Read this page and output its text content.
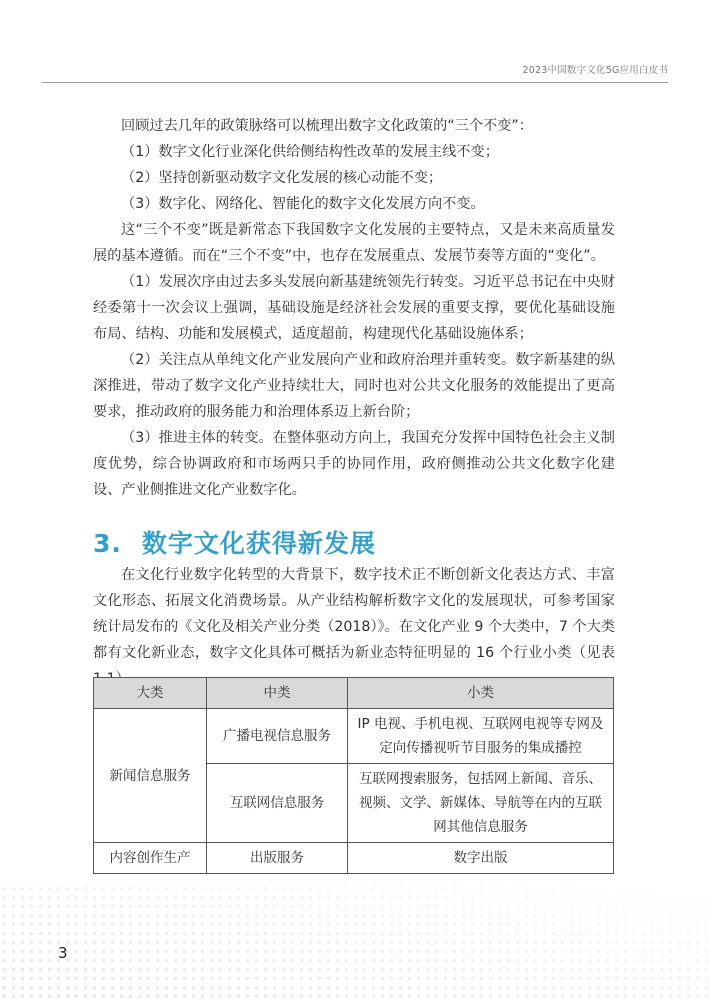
2023中国数字文化5G应用白皮书

回顾过去几年的政策脉络可以梳理出数字文化政策的“三个不变”：

（1）数字文化行业深化供给侧结构性改革的发展主线不变；

（2）坚持创新驱动数字文化发展的核心动能不变；

（3）数字化、网络化、智能化的数字文化发展方向不变。

这“三个不变”既是新常态下我国数字文化发展的主要特点，又是未来高质量发展的基本遵循。而在“三个不变”中，也存在发展重点、发展节奏等方面的“变化”。

（1）发展次序由过去多头发展向新基建统领先行转变。习近平总书记在中央财经委第十一次会议上强调，基础设施是经济社会发展的重要支撑，要优化基础设施布局、结构、功能和发展模式，适度超前，构建现代化基础设施体系；

（2）关注点从单纯文化产业发展向产业和政府治理并重转变。数字新基建的纵深推进，带动了数字文化产业持续壮大，同时也对公共文化服务的效能提出了更高要求，推动政府的服务能力和治理体系迈上新台阶；

（3）推进主体的转变。在整体驱动方向上，我国充分发挥中国特色社会主义制度优势，综合协调政府和市场两只手的协同作用，政府侧推动公共文化数字化建设、产业侧推进文化产业数字化。

3. 数字文化获得新发展

在文化行业数字化转型的大背景下，数字技术正不断创新文化表达方式、丰富文化形态、拓展文化消费场景。从产业结构解析数字文化的发展现状，可参考国家统计局发布的《文化及相关产业分类（2018）》。在文化产业 9 个大类中，7 个大类都有文化新业态，数字文化具体可概括为新业态特征明显的 16 个行业小类（见表

大类	中类	小类
新闻信息服务	广播电视信息服务	IP 电视、手机电视、互联网电视等专网及定向传播视听节目服务的集成播控
	互联网信息服务	互联网搜索服务，包括网上新闻、音乐、视频、文学、新媒体、导航等在内的互联网其他信息服务
内容创作生产	出版服务	数字出版
3
